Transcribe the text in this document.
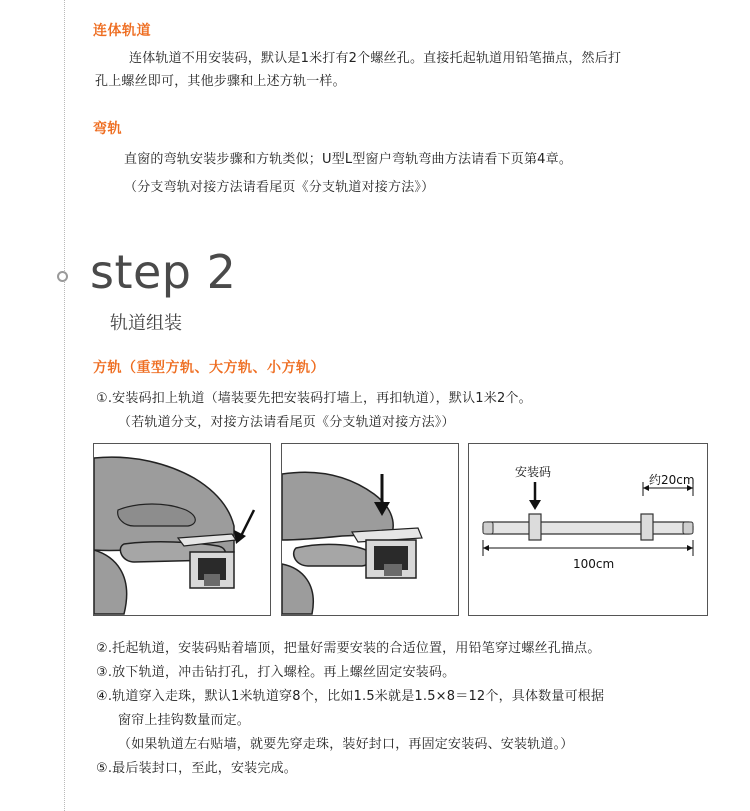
连体轨道
连体轨道不用安装码，默认是1米打有2个螺丝孔。直接托起轨道用铅笔描点，然后打
孔上螺丝即可，其他步骤和上述方轨一样。
弯轨
直窗的弯轨安装步骤和方轨类似；U型L型窗户弯轨弯曲方法请看下页第4章。
（分支弯轨对接方法请看尾页《分支轨道对接方法》）
step 2
轨道组装
方轨（重型方轨、大方轨、小方轨）
①.安装码扣上轨道（墙装要先把安装码打墙上，再扣轨道），默认1米2个。
（若轨道分支，对接方法请看尾页《分支轨道对接方法》）
安装码
约20cm
100cm
②.托起轨道，安装码贴着墙顶，把量好需要安装的合适位置，用铅笔穿过螺丝孔描点。
③.放下轨道，冲击钻打孔，打入螺栓。再上螺丝固定安装码。
④.轨道穿入走珠，默认1米轨道穿8个，比如1.5米就是1.5×8＝12个，具体数量可根据
窗帘上挂钩数量而定。
（如果轨道左右贴墙，就要先穿走珠，装好封口，再固定安装码、安装轨道。）
⑤.最后装封口，至此，安装完成。
